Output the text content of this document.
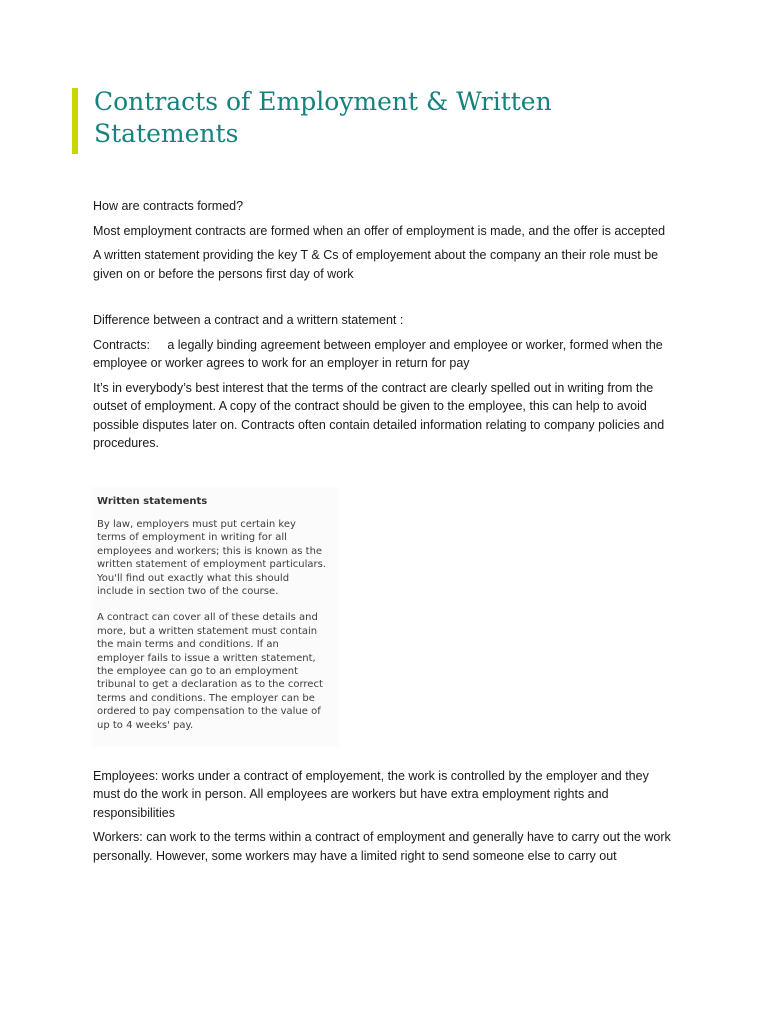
Contracts of Employment & Written Statements

How are contracts formed?

Most employment contracts are formed when an offer of employment is made, and the offer is accepted

A written statement providing the key T & Cs of employement about the company an their role must be given on or before the persons first day of work

Difference between a contract and a writtern statement :

Contracts:     a legally binding agreement between employer and employee or worker, formed when the employee or worker agrees to work for an employer in return for pay

It’s in everybody’s best interest that the terms of the contract are clearly spelled out in writing from the outset of employment. A copy of the contract should be given to the employee, this can help to avoid possible disputes later on. Contracts often contain detailed information relating to company policies and procedures.

Written statements
By law, employers must put certain key terms of employment in writing for all employees and workers; this is known as the written statement of employment particulars. You'll find out exactly what this should include in section two of the course.
A contract can cover all of these details and more, but a written statement must contain the main terms and conditions. If an employer fails to issue a written statement, the employee can go to an employment tribunal to get a declaration as to the correct terms and conditions. The employer can be ordered to pay compensation to the value of up to 4 weeks' pay.

Employees: works under a contract of employement, the work is controlled by the employer and they must do the work in person. All employees are workers but have extra employment rights and responsibilities

Workers: can work to the terms within a contract of employment and generally have to carry out the work personally. However, some workers may have a limited right to send someone else to carry out
